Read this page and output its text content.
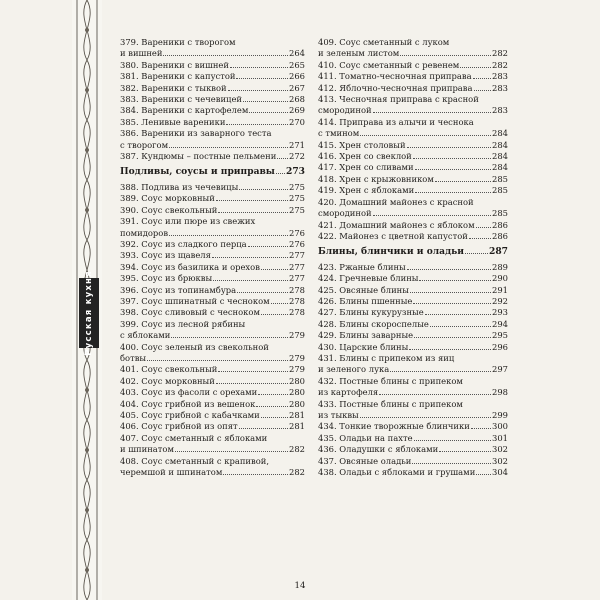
Русская кухня
379. Вареники с творогом
и вишней	264
380. Вареники с вишней	265
381. Вареники с капустой	266
382. Вареники с тыквой	267
383. Вареники с чечевицей	268
384. Вареники с картофелем	269
385. Ленивые вареники	270
386. Вареники из заварного теста
с творогом	271
387. Кундюмы – постные пельмени 272
Подливы, соусы и приправы 273
388. Подлива из чечевицы	275
389. Соус морковный	275
390. Соус свекольный	275
391. Соус или пюре из свежих
помидоров	276
392. Соус из сладкого перца	276
393. Соус из щавеля	277
394. Соус из базилика и орехов	277
395. Соус из брюквы	277
396. Соус из топинамбура	278
397. Соус шпинатный с чесноком 278
398. Соус сливовый с чесноком	278
399. Соус из лесной рябины
с яблоками	279
400. Соус зеленый из свекольной
ботвы	279
401. Соус свекольный	279
402. Соус морковный	280
403. Соус из фасоли с орехами	280
404. Соус грибной из вешенок	280
405. Соус грибной с кабачками	281
406. Соус грибной из опят	281
407. Соус сметанный с яблоками
и шпинатом	282
408. Соус сметанный с крапивой,
черемшой и шпинатом	282
409. Соус сметанный с луком
и зеленым листом	282
410. Соус сметанный с ревенем	282
411. Томатно-чесночная приправа 283
412. Яблочно-чесночная приправа 283
413. Чесночная приправа с красной
смородиной	283
414. Приправа из алычи и чеснока
с тмином	284
415. Хрен столовый	284
416. Хрен со свеклой	284
417. Хрен со сливами	284
418. Хрен с крыжовником	285
419. Хрен с яблоками	285
420. Домашний майонез с красной
смородиной	285
421. Домашний майонез с яблоком 286
422. Майонез с цветной капустой	286
Блины, блинчики и оладьи	287
423. Ржаные блины	289
424. Гречневые блины	290
425. Овсяные блины	291
426. Блины пшенные	292
427. Блины кукурузные	293
428. Блины скороспелые	294
429. Блины заварные	295
430. Царские блины	296
431. Блины с припеком из яиц
и зеленого лука	297
432. Постные блины с припеком
из картофеля	298
433. Постные блины с припеком
из тыквы	299
434. Тонкие творожные блинчики	300
435. Оладьи на пахте	301
436. Оладушки с яблоками	302
437. Овсяные оладьи	302
438. Оладьи с яблоками и грушами 304
14
